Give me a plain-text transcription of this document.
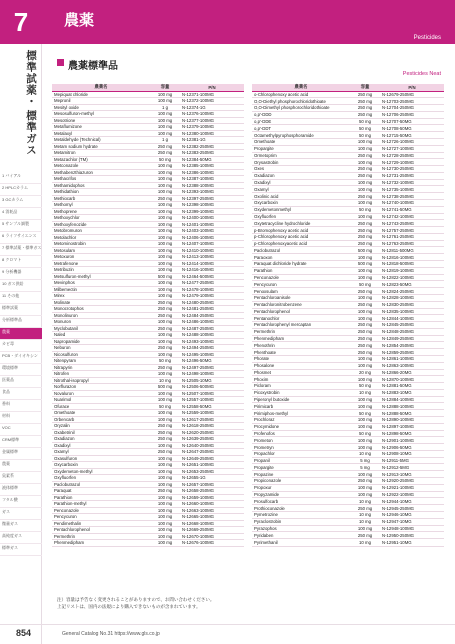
7
標準試薬・
標準ガス
1 バイアル
2 HPLCカラム
3 GCカラム
4 消耗品
5 サンプル調製
6 ライフサイエンス
7 標準試薬・標準ガス
8 クロマト
9 分析機器
10 ガス供給
11 その他
標準試薬
分析標準品
農薬
カビ毒
PCB・ダイオキシン
環境標準
医薬品
食品
香料
材料
VOC
CRM標準
金属標準
農薬
臭素系
液体標準
フタル酸
ガス
微量ガス
高純度ガス
標準ガス
農薬
Pesticides
農薬標準品
Pesticides Neat
農薬名	容量	P/N
Mepiquat chloride	100 mg	N-12371-100MG
Mepronil	100 mg	N-12372-100MG
Mesityl oxide	1 g	N-12374-1G
Mesosulfuron-methyl	100 mg	N-12376-100MG
Mesotrione	100 mg	N-12377-100MG
Metaflumizone	100 mg	N-12379-100MG
Metalaxyl	100 mg	N-12380-100MG
Metaldehyde (Technical)	1 g	N-12381-1G
Metam sodium hydrate	250 mg	N-12382-250MG
Metamitron	250 mg	N-12383-250MG
Metazachlor (TM)	50 mg	N-12384-50MG
Metconazole	100 mg	N-12385-100MG
Methabenzthiazuron	100 mg	N-12386-100MG
Methacrifos	100 mg	N-12387-100MG
Methamidophos	100 mg	N-12388-100MG
Methidathion	100 mg	N-12393-100MG
Methiocarb	250 mg	N-12397-250MG
Methomyl	100 mg	N-12398-100MG
Methoprene	100 mg	N-12399-100MG
Methoxychlor	100 mg	N-12400-100MG
Methoxyfenozide	100 mg	N-12401-100MG
Metobromuron	100 mg	N-12403-100MG
Metolachlor	100 mg	N-12406-100MG
Metominostrobin	100 mg	N-12407-100MG
Metosulam	100 mg	N-12410-100MG
Metoxuron	100 mg	N-12413-100MG
Metrafenone	100 mg	N-12414-100MG
Metribuzin	100 mg	N-12416-100MG
Metsulfuron-methyl	500 mg	N-12464-500MG
Mevinphos	100 mg	N-12477-250MG
Milbemectin	100 mg	N-12478-100MG
Mirex	100 mg	N-12479-100MG
Molinate	250 mg	N-12480-250MG
Monocrotophos	250 mg	N-12481-250MG
Monolinuron	250 mg	N-12484-250MG
Monuron	100 mg	N-12486-100MG
Myclobutanil	250 mg	N-12487-250MG
Naled	100 mg	N-12488-100MG
Napropamide	100 mg	N-12493-100MG
Neburon	250 mg	N-12494-250MG
Nicosulfuron	100 mg	N-12495-100MG
Nitenpyram	50 mg	N-12496-50MG
Nitrapyrin	250 mg	N-12497-250MG
Nitrofen	100 mg	N-12498-100MG
Nitrothal-isopropyl	10 mg	N-12505-10MG
Norflurazon	500 mg	N-12506-500MG
Novaluron	100 mg	N-12507-100MG
Nuarimol	100 mg	N-12557-100MG
Ofurace	50 mg	N-12558-50MG
Omethoate	100 mg	N-12559-100MG
Orbencarb	100 mg	N-12617-250MG
Oryzalin	250 mg	N-12618-250MG
Oxabetrinil	250 mg	N-12620-250MG
Oxadiazon	250 mg	N-12639-250MG
Oxadixyl	100 mg	N-12640-250MG
Oxamyl	250 mg	N-12647-250MG
Oxasulfuron	100 mg	N-12649-250MG
Oxycarboxin	100 mg	N-12651-100MG
Oxydemeton-methyl	100 mg	N-12653-250MG
Oxyfluorfen	100 mg	N-12655-1G
Paclobutrazol	100 mg	N-12657-100MG
Paraquat	250 mg	N-12658-250MG
Parathion	100 mg	N-12659-100MG
Parathion-methyl	100 mg	N-12660-100MG
Penconazole	100 mg	N-12663-100MG
Pencycuron	100 mg	N-12665-100MG
Pendimethalin	100 mg	N-12668-100MG
Pentachlorophenol	100 mg	N-12669-250MG
Permethrin	100 mg	N-12670-100MG
Phenmedipham	100 mg	N-12676-100MG
農薬名	容量	P/N
o-Chlorophenoxy acetic acid	250 mg	N-12679-250MG
O,O-Diethyl phosphorochloridothioate	250 mg	N-12703-250MG
O,O-Dimethyl phosphorochloridothioate	250 mg	N-12704-250MG
o,p'-DDD	250 mg	N-12706-250MG
o,p'-DDE	50 mg	N-12707-50MG
o,p'-DDT	50 mg	N-12708-50MG
Octamethylpyrophosphoramide	50 mg	N-12715-50MG
Omethoate	100 mg	N-12726-100MG
Propargite	100 mg	N-12727-100MG
Ormetoprim	250 mg	N-12728-250MG
Orysastrobin	100 mg	N-12729-100MG
Oxes	250 mg	N-12730-250MG
Oxadiazon	250 mg	N-12731-250MG
Oxadixyl	100 mg	N-12732-100MG
Oxamyl	100 mg	N-12735-100MG
Oxolinic acid	250 mg	N-12738-250MG
Oxycarboxin	100 mg	N-12740-100MG
Oxydemetonmethyl	50 mg	N-12741-50MG
Oxyfluorfen	100 mg	N-12742-100MG
Oxytetracycline hydrochloride	250 mg	N-12743-250MG
p-Bromophenoxy acetic acid	250 mg	N-12757-250MG
p-Chlorophenoxy acetic acid	250 mg	N-12761-250MG
p-Chlorophenoxyacetic acid	250 mg	N-12763-250MG
Paclobutrazol	500 mg	N-12811-500MG
Paraoxon	100 mg	N-12816-100MG
Paraquat dichloride hydrate	500 mg	N-12818-500MG
Parathion	100 mg	N-12819-100MG
Penconazole	100 mg	N-12822-100MG
Pencycuron	50 mg	N-12823-50MG
Penoxsulam	250 mg	N-12824-250MG
Pentachloroanisole	100 mg	N-12828-100MG
Pentachloronitrobenzene	250 mg	N-12830-250MG
Pentachlorophenol	100 mg	N-12835-100MG
Pentanochlor	100 mg	N-12844-100MG
Pentachlorophenyl mercaptan	250 mg	N-12845-250MG
Permethrin	250 mg	N-12848-250MG
Phenmedipham	250 mg	N-12849-250MG
Phenothrin	250 mg	N-12854-250MG
Phenthoate	250 mg	N-12859-250MG
Phorate	100 mg	N-12861-100MG
Phosalone	100 mg	N-12863-100MG
Phosmet	20 mg	N-12866-20MG
Phoxim	100 mg	N-12870-100MG
Picloram	50 mg	N-12881-50MG
Picoxystrobin	10 mg	N-12883-10MG
Piperonyl butoxide	100 mg	N-12884-100MG
Pirimicarb	100 mg	N-12888-100MG
Pirimiphos-methyl	50 mg	N-12888-50MG
Prochloraz	100 mg	N-12890-100MG
Procymidone	100 mg	N-12897-100MG
Profenofos	50 mg	N-12898-50MG
Prometon	100 mg	N-12901-100MG
Prometryn	100 mg	N-12906-50MG
Propachlor	10 mg	N-12908-10MG
Propanil	5 mg	N-12911-5MG
Propargite	5 mg	N-12912-5MG
Propazine	100 mg	N-12913-10MG
Propiconazole	250 mg	N-12920-250MG
Propoxur	100 mg	N-12921-100MG
Propyzamide	100 mg	N-12922-100MG
Prosulfocarb	10 mg	N-12944-10MG
Prothioconazole	250 mg	N-12945-250MG
Pymetrozine	10 mg	N-12946-10MG
Pyraclostrobin	10 mg	N-12947-10MG
Pyrazophos	100 mg	N-12948-100MG
Pyridaben	250 mg	N-12950-250MG
Pyrimethanil	10 mg	N-12951-10MG
注）容量は予告なく変更されることがありますので、お問い合わせください。
上記リストは、国内の法規により購入できないものが含まれています。
854	General Catalog No.31 https://www.gls.co.jp
